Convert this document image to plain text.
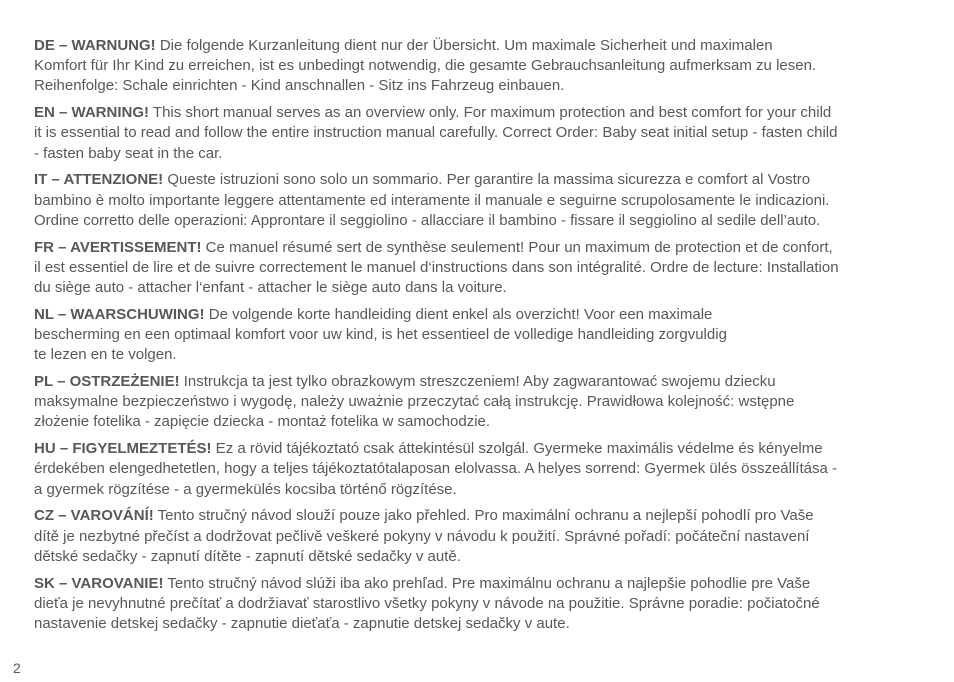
DE – WARNUNG! Die folgende Kurzanleitung dient nur der Übersicht. Um maximale Sicherheit und maximalen
Komfort für Ihr Kind zu erreichen, ist es unbedingt notwendig, die gesamte Gebrauchsanleitung aufmerksam zu lesen.
Reihenfolge: Schale einrichten - Kind anschnallen - Sitz ins Fahrzeug einbauen.
EN – WARNING! This short manual serves as an overview only. For maximum protection and best comfort for your child
it is essential to read and follow the entire instruction manual carefully. Correct Order: Baby seat initial setup - fasten child
- fasten baby seat in the car.
IT – ATTENZIONE! Queste istruzioni sono solo un sommario. Per garantire la massima sicurezza e comfort al Vostro
bambino è molto importante leggere attentamente ed interamente il manuale e seguirne scrupolosamente le indicazioni.
Ordine corretto delle operazioni: Approntare il seggiolino - allacciare il bambino - fissare il seggiolino al sedile dell’auto.
FR – AVERTISSEMENT! Ce manuel résumé sert de synthèse seulement! Pour un maximum de protection et de confort,
il est essentiel de lire et de suivre correctement le manuel d‘instructions dans son intégralité. Ordre de lecture: Installation
du siège auto - attacher l‘enfant - attacher le siège auto dans la voiture.
NL – WAARSCHUWING! De volgende korte handleiding dient enkel als overzicht! Voor een maximale
bescherming en een optimaal komfort voor uw kind, is het essentieel de volledige handleiding zorgvuldig
te lezen en te volgen.
PL – OSTRZEŻENIE! Instrukcja ta jest tylko obrazkowym streszczeniem! Aby zagwarantować swojemu dziecku
maksymalne bezpieczeństwo i wygodę, należy uważnie przeczytać całą instrukcję. Prawidłowa kolejność: wstępne
złożenie fotelika - zapięcie dziecka - montaż fotelika w samochodzie.
HU – FIGYELMEZTETÉS! Ez a rövid tájékoztató csak áttekintésül szolgál. Gyermeke maximális védelme és kényelme
érdekében elengedhetetlen, hogy a teljes tájékoztatótalaposan elolvassa. A helyes sorrend: Gyermek ülés összeállítása -
a gyermek rögzítése - a gyermekülés kocsiba történő rögzítése.
CZ – VAROVÁNÍ! Tento stručný návod slouží pouze jako přehled. Pro maximální ochranu a nejlepší pohodlí pro Vaše
dítě je nezbytné přečíst a dodržovat pečlivě veškeré pokyny v návodu k použití. Správné pořadí: počáteční nastavení
dětské sedačky - zapnutí dítěte - zapnutí dětské sedačky v autě.
SK – VAROVANIE! Tento stručný návod slúži iba ako prehľad. Pre maximálnu ochranu a najlepšie pohodlie pre Vaše
dieťa je nevyhnutné prečítať a dodržiavať starostlivo všetky pokyny v návode na použitie. Správne poradie: počiatočné
nastavenie detskej sedačky - zapnutie dieťaťa - zapnutie detskej sedačky v aute.
2
